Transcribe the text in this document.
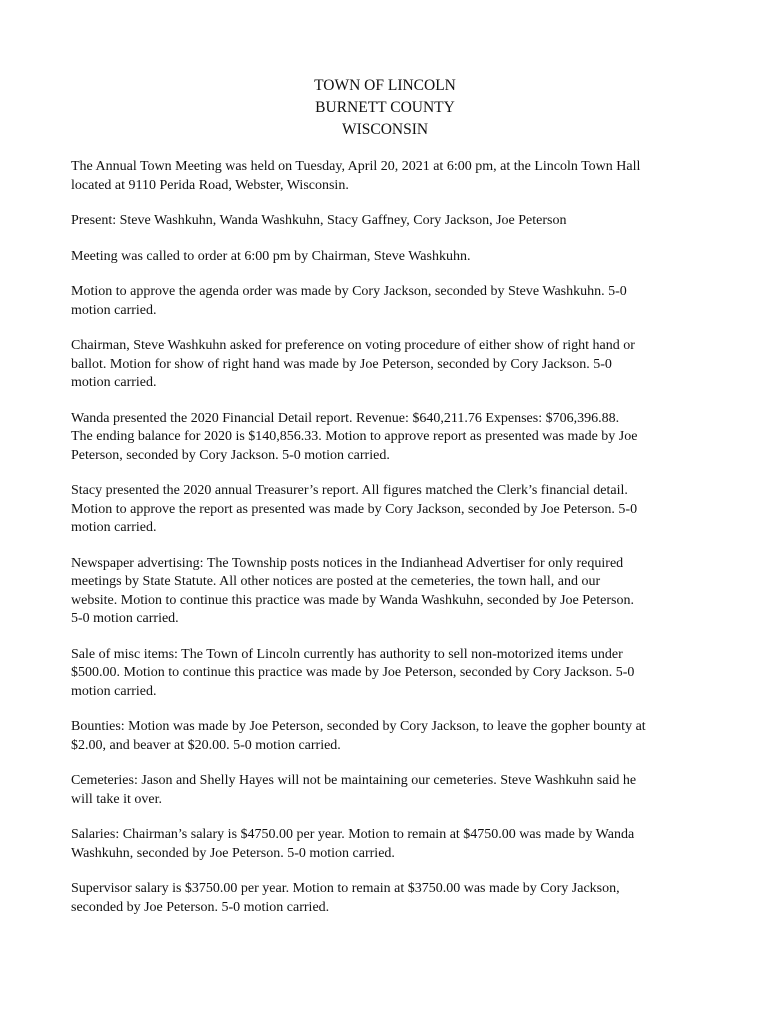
TOWN OF LINCOLN
BURNETT COUNTY
WISCONSIN

The Annual Town Meeting was held on Tuesday, April 20, 2021 at 6:00 pm, at the Lincoln Town Hall
located at 9110 Perida Road, Webster, Wisconsin.

Present: Steve Washkuhn, Wanda Washkuhn, Stacy Gaffney, Cory Jackson, Joe Peterson

Meeting was called to order at 6:00 pm by Chairman, Steve Washkuhn.

Motion to approve the agenda order was made by Cory Jackson, seconded by Steve Washkuhn. 5-0
motion carried.

Chairman, Steve Washkuhn asked for preference on voting procedure of either show of right hand or
ballot. Motion for show of right hand was made by Joe Peterson, seconded by Cory Jackson. 5-0
motion carried.

Wanda presented the 2020 Financial Detail report. Revenue: $640,211.76 Expenses: $706,396.88.
The ending balance for 2020 is $140,856.33. Motion to approve report as presented was made by Joe
Peterson, seconded by Cory Jackson. 5-0 motion carried.

Stacy presented the 2020 annual Treasurer’s report. All figures matched the Clerk’s financial detail.
Motion to approve the report as presented was made by Cory Jackson, seconded by Joe Peterson. 5-0
motion carried.

Newspaper advertising: The Township posts notices in the Indianhead Advertiser for only required
meetings by State Statute. All other notices are posted at the cemeteries, the town hall, and our
website. Motion to continue this practice was made by Wanda Washkuhn, seconded by Joe Peterson.
5-0 motion carried.

Sale of misc items: The Town of Lincoln currently has authority to sell non-motorized items under
$500.00. Motion to continue this practice was made by Joe Peterson, seconded by Cory Jackson. 5-0
motion carried.

Bounties: Motion was made by Joe Peterson, seconded by Cory Jackson, to leave the gopher bounty at
$2.00, and beaver at $20.00. 5-0 motion carried.

Cemeteries: Jason and Shelly Hayes will not be maintaining our cemeteries. Steve Washkuhn said he
will take it over.

Salaries: Chairman’s salary is $4750.00 per year. Motion to remain at $4750.00 was made by Wanda
Washkuhn, seconded by Joe Peterson. 5-0 motion carried.

Supervisor salary is $3750.00 per year. Motion to remain at $3750.00 was made by Cory Jackson,
seconded by Joe Peterson. 5-0 motion carried.
